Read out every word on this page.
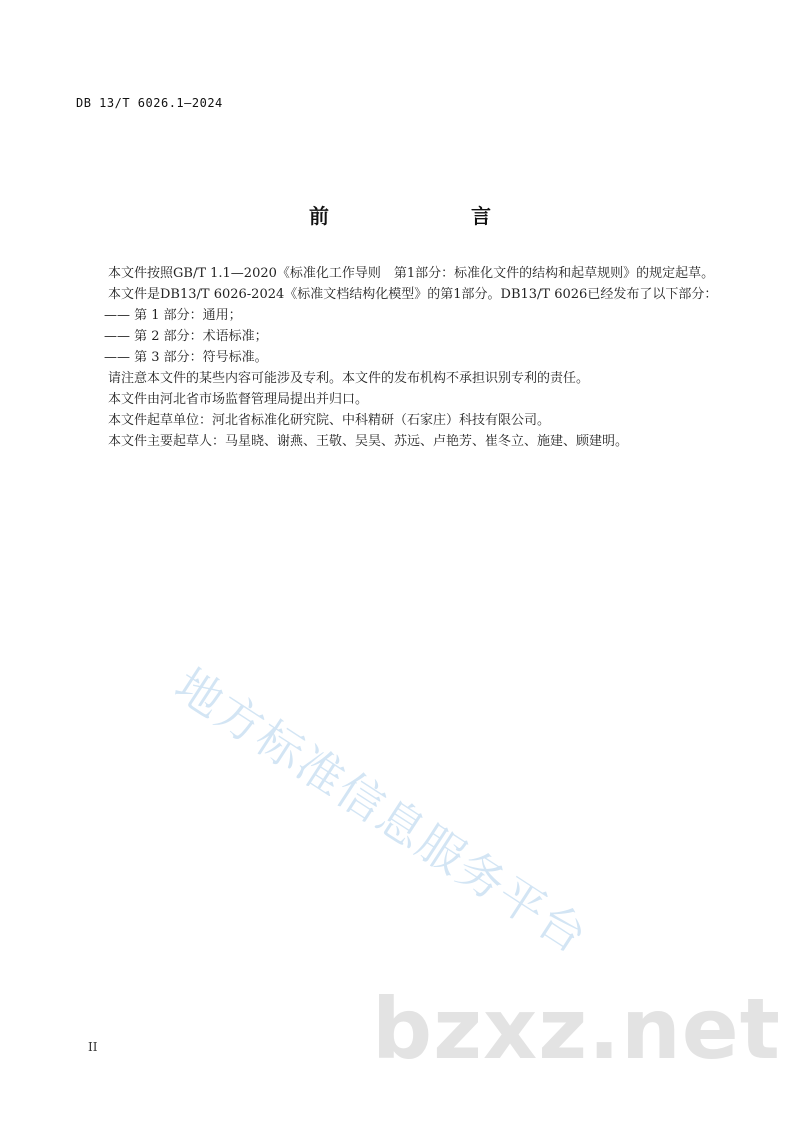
DB 13/T 6026.1—2024
前　　言

本文件按照GB/T 1.1—2020《标准化工作导则　第1部分：标准化文件的结构和起草规则》的规定起草。

本文件是DB13/T 6026-2024《标准文档结构化模型》的第1部分。DB13/T 6026已经发布了以下部分：

—— 第 1 部分：通用；

—— 第 2 部分：术语标准；

—— 第 3 部分：符号标准。

请注意本文件的某些内容可能涉及专利。本文件的发布机构不承担识别专利的责任。

本文件由河北省市场监督管理局提出并归口。

本文件起草单位：河北省标准化研究院、中科精研（石家庄）科技有限公司。

本文件主要起草人：马星晓、谢燕、王敬、吴昊、苏远、卢艳芳、崔冬立、施建、顾建明。

地方标准信息服务平台
bzxz.net
II
